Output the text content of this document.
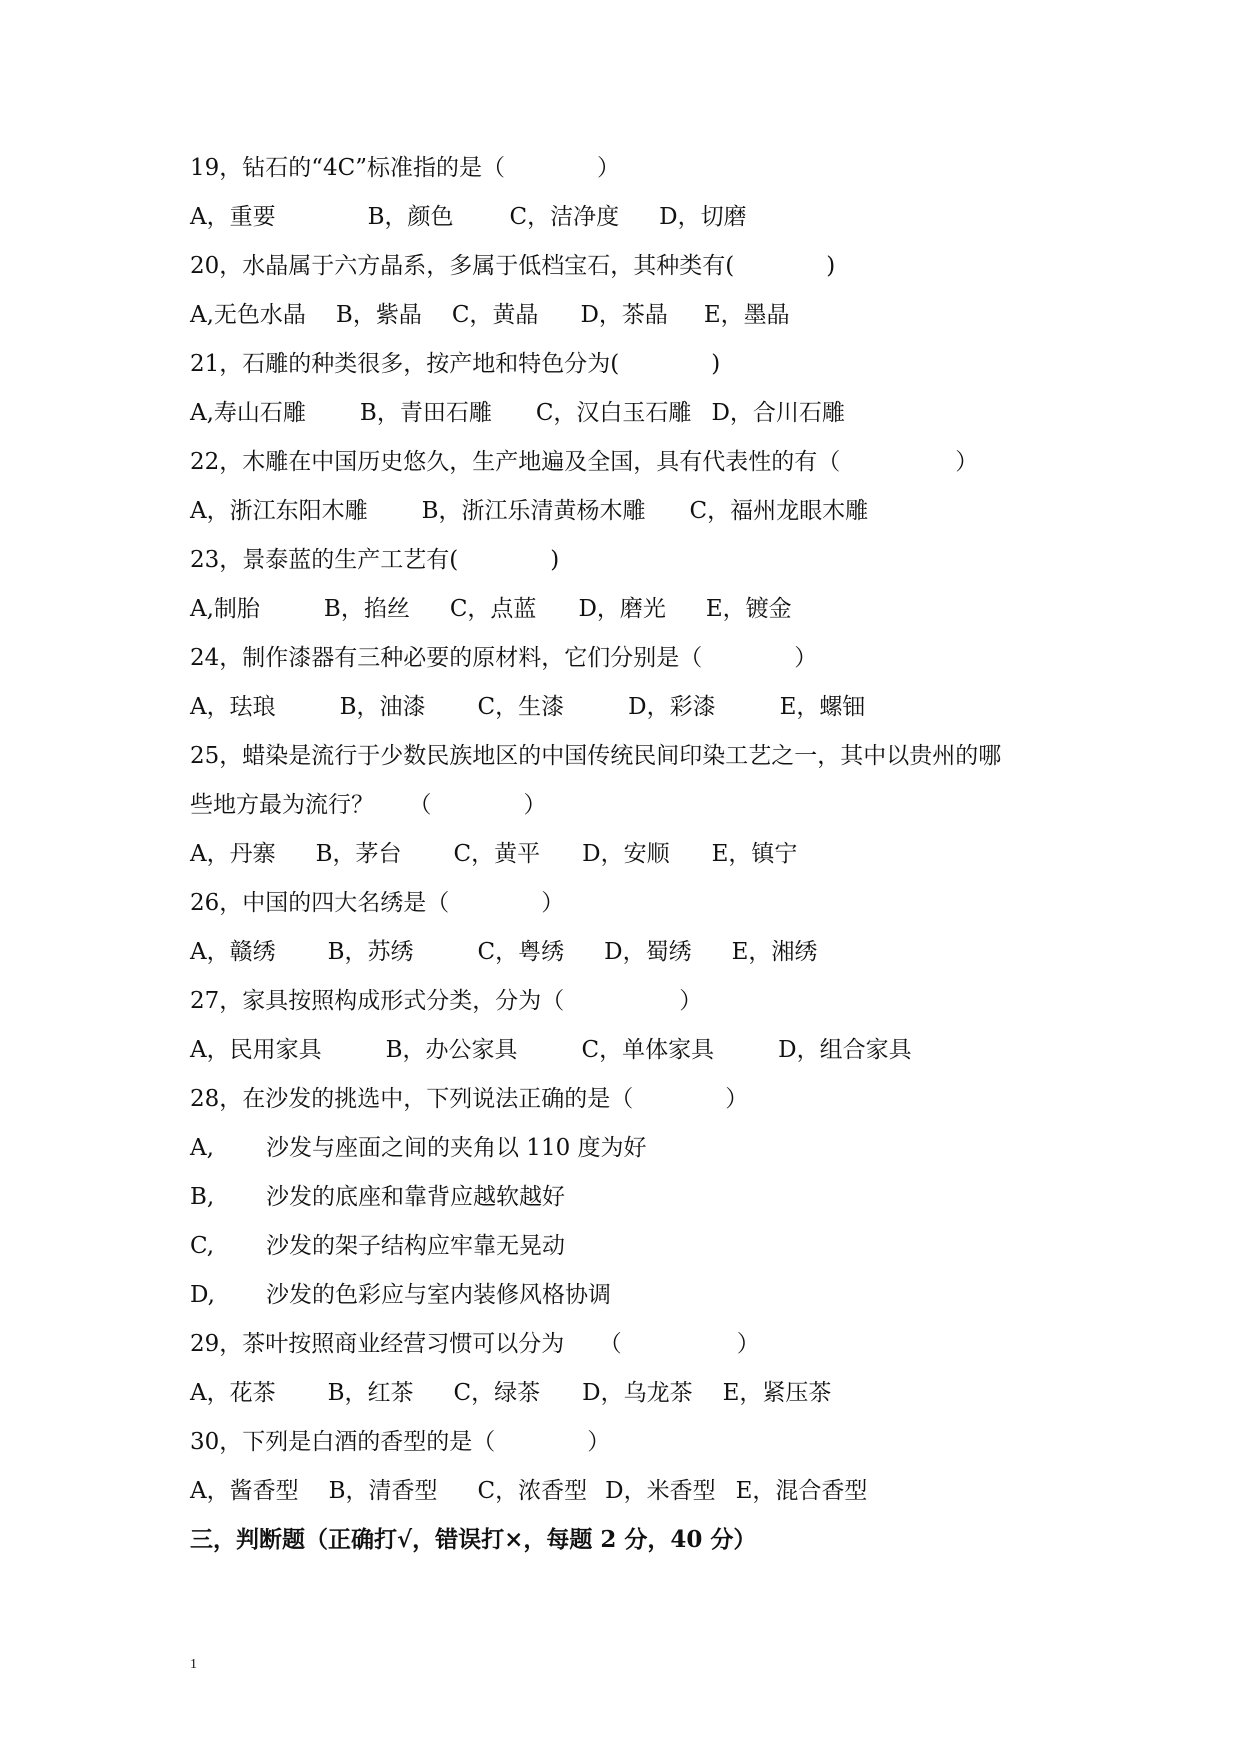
19，钻石的“4C”标准指的是（　　　　）
A，重要	B，颜色 C，洁净度 D，切磨
20，水晶属于六方晶系，多属于低档宝石，其种类有(　　　　)
A,无色水晶 B，紫晶 C，黄晶 D，茶晶 E，墨晶
21，石雕的种类很多，按产地和特色分为(　　　　)
A,寿山石雕 B，青田石雕 C，汉白玉石雕 D，合川石雕
22，木雕在中国历史悠久，生产地遍及全国，具有代表性的有（　　　　　）
A，浙江东阳木雕 B，浙江乐清黄杨木雕 C，福州龙眼木雕
23，景泰蓝的生产工艺有(　　　　)
A,制胎	B，掐丝 C，点蓝 D，磨光 E，镀金
24，制作漆器有三种必要的原材料，它们分别是（　　　　）
A，珐琅	B，油漆 C，生漆	D，彩漆	E，螺钿
25，蜡染是流行于少数民族地区的中国传统民间印染工艺之一，其中以贵州的哪
些地方最为流行？　　（　　　　）
A，丹寨 B，茅台 C，黄平 D，安顺 E，镇宁
26，中国的四大名绣是（　　　　）
A，赣绣 B，苏绣	C，粤绣 D，蜀绣 E，湘绣
27，家具按照构成形式分类，分为（　　　　　）
A，民用家具	B，办公家具	C，单体家具	D，组合家具
28，在沙发的挑选中，下列说法正确的是（　　　　）
A, 沙发与座面之间的夹角以 110 度为好
B, 沙发的底座和靠背应越软越好
C, 沙发的架子结构应牢靠无晃动
D, 沙发的色彩应与室内装修风格协调
29，茶叶按照商业经营习惯可以分为　　（　　　　　）
A，花茶 B，红茶 C，绿茶 D，乌龙茶 E，紧压茶
30，下列是白酒的香型的是（　　　　）
A，酱香型 B，清香型 C，浓香型 D，米香型 E，混合香型
三，判断题（正确打√，错误打×，每题 2 分，40 分）
1
